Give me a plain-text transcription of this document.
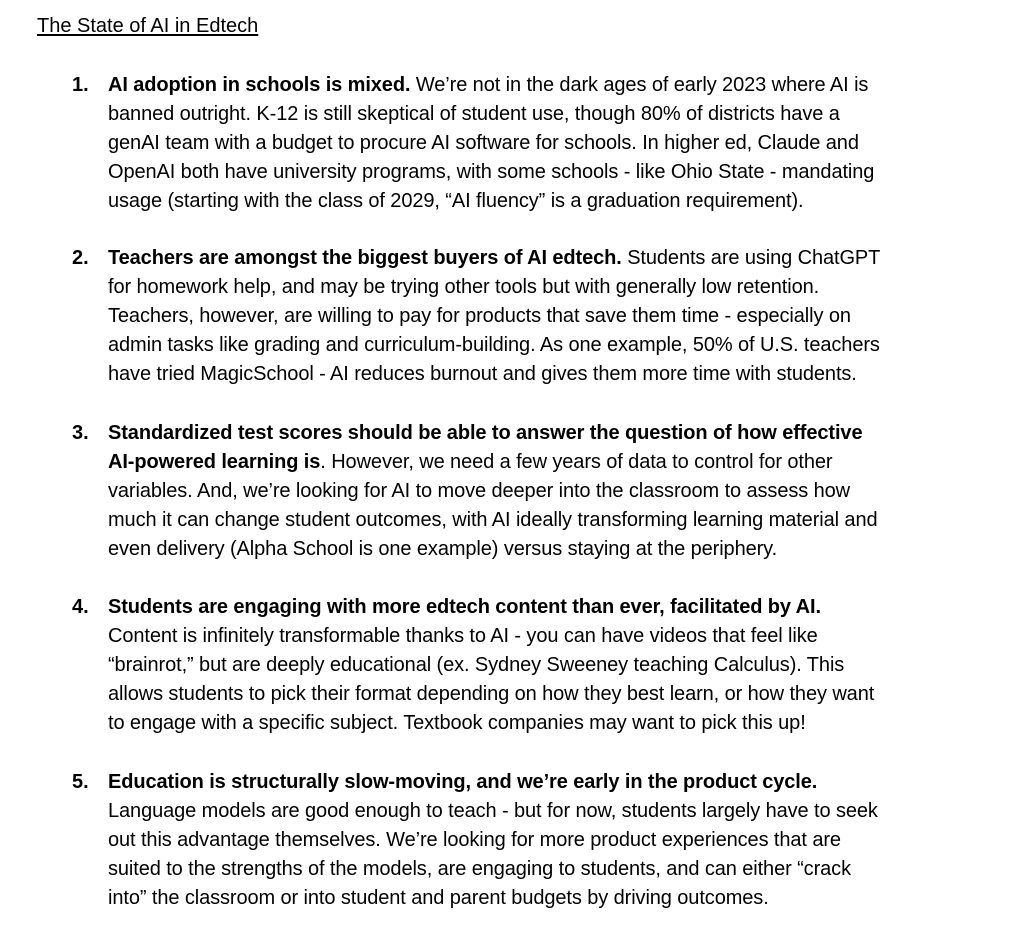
The State of AI in Edtech
1. AI adoption in schools is mixed. We’re not in the dark ages of early 2023 where AI is
banned outright. K-12 is still skeptical of student use, though 80% of districts have a
genAI team with a budget to procure AI software for schools. In higher ed, Claude and
OpenAI both have university programs, with some schools - like Ohio State - mandating
usage (starting with the class of 2029, “AI fluency” is a graduation requirement).

2. Teachers are amongst the biggest buyers of AI edtech. Students are using ChatGPT
for homework help, and may be trying other tools but with generally low retention.
Teachers, however, are willing to pay for products that save them time - especially on
admin tasks like grading and curriculum-building. As one example, 50% of U.S. teachers
have tried MagicSchool - AI reduces burnout and gives them more time with students.

3. Standardized test scores should be able to answer the question of how effective
AI-powered learning is. However, we need a few years of data to control for other
variables. And, we’re looking for AI to move deeper into the classroom to assess how
much it can change student outcomes, with AI ideally transforming learning material and
even delivery (Alpha School is one example) versus staying at the periphery.

4. Students are engaging with more edtech content than ever, facilitated by AI.
Content is infinitely transformable thanks to AI - you can have videos that feel like
“brainrot,” but are deeply educational (ex. Sydney Sweeney teaching Calculus). This
allows students to pick their format depending on how they best learn, or how they want
to engage with a specific subject. Textbook companies may want to pick this up!

5. Education is structurally slow-moving, and we’re early in the product cycle.
Language models are good enough to teach - but for now, students largely have to seek
out this advantage themselves. We’re looking for more product experiences that are
suited to the strengths of the models, are engaging to students, and can either “crack
into” the classroom or into student and parent budgets by driving outcomes.
